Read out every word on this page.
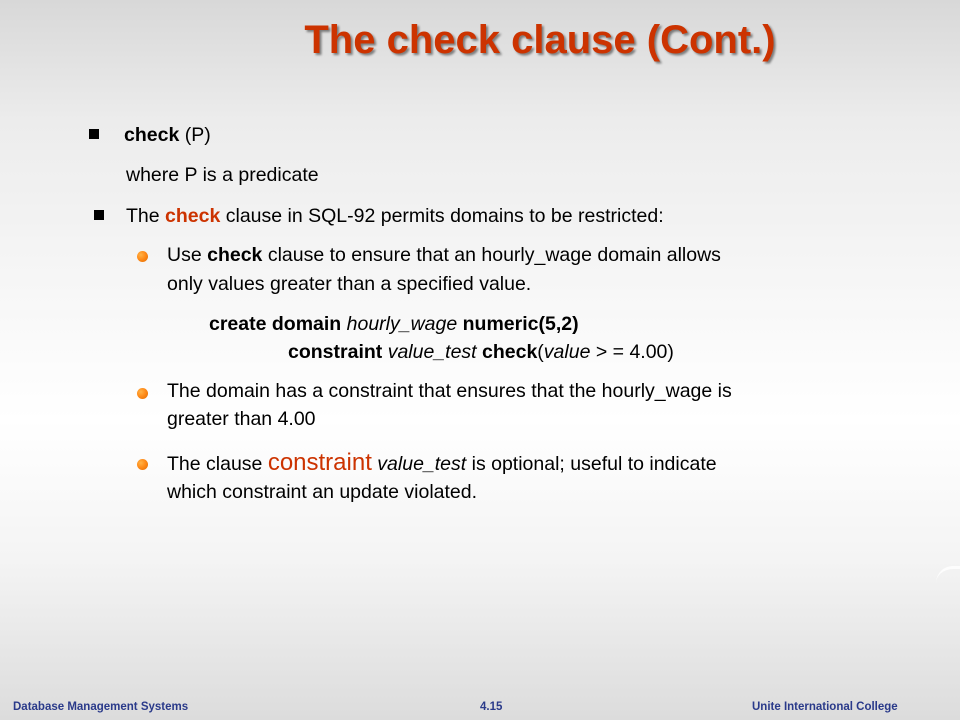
The check clause (Cont.)
check (P)
where P is a predicate
The check clause in SQL-92 permits domains to be restricted:
Use check clause to ensure that an hourly_wage domain allows
only values greater than a specified value.
create domain hourly_wage numeric(5,2)
constraint value_test check(value > = 4.00)
The domain has a constraint that ensures that the hourly_wage is
greater than 4.00
The clause constraint value_test is optional; useful to indicate
which constraint an update violated.
Database Management Systems	4.15	Unite International College
